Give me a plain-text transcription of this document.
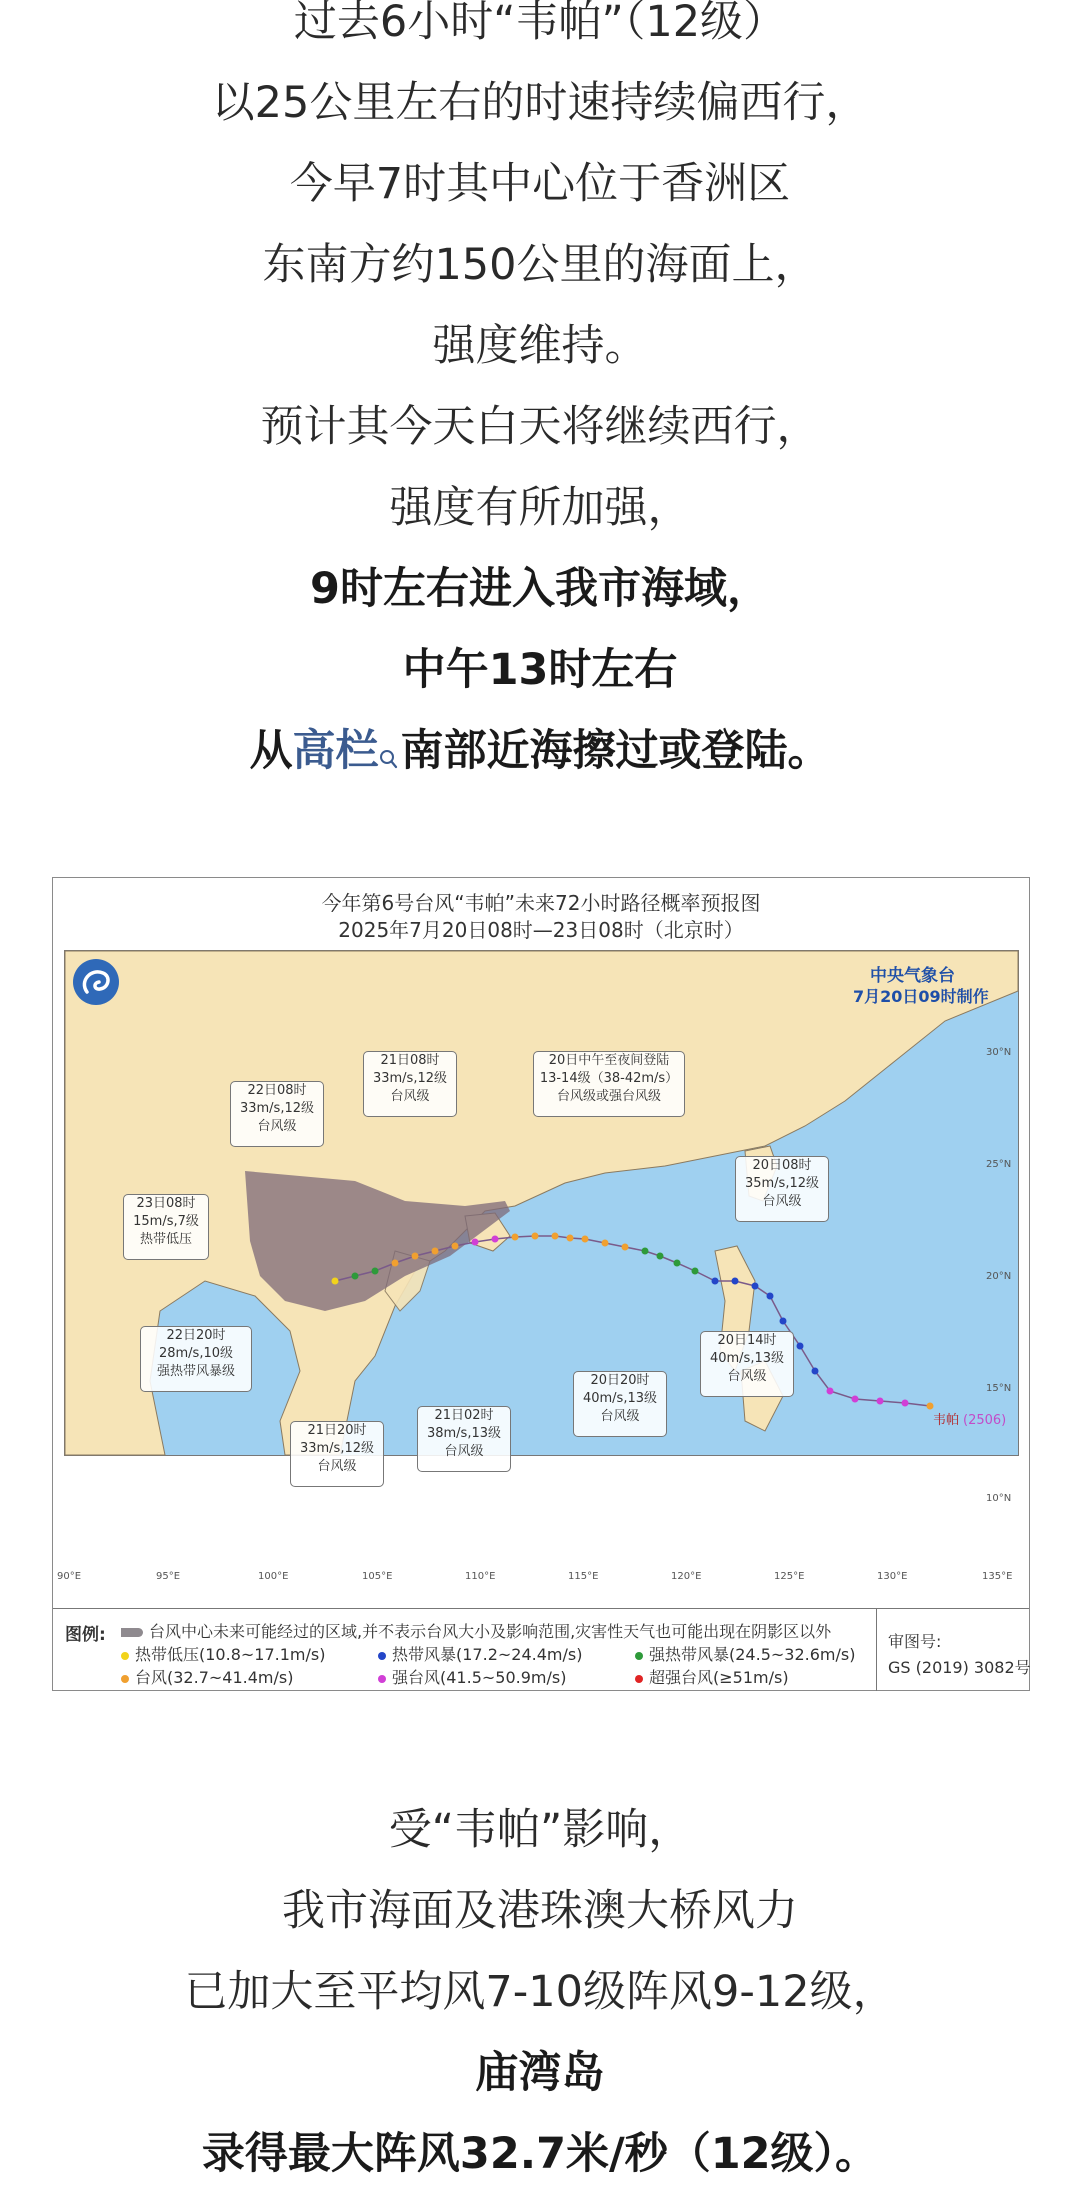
过去6小时“韦帕”（12级）
以25公里左右的时速持续偏西行，
今早7时其中心位于香洲区
东南方约150公里的海面上，
强度维持。
预计其今天白天将继续西行，
强度有所加强，
9时左右进入我市海域，
中午13时左右
从高栏 南部近海擦过或登陆。
今年第6号台风“韦帕”未来72小时路径概率预报图
2025年7月20日08时—23日08时（北京时）
中央气象台
7月20日09时制作
韦帕 (2506)
22日08时
33m/s,12级
台风级
21日08时
33m/s,12级
台风级
20日中午至夜间登陆
13-14级（38-42m/s）
台风级或强台风级
20日08时
35m/s,12级
台风级
23日08时
15m/s,7级
热带低压
22日20时
28m/s,10级
强热带风暴级
21日20时
33m/s,12级
台风级
21日02时
38m/s,13级
台风级
20日20时
40m/s,13级
台风级
20日14时
40m/s,13级
台风级
90°E	95°E	100°E	105°E	110°E	115°E	120°E	125°E	130°E	135°E
30°N
25°N
20°N
15°N
10°N
图例:	台风中心未来可能经过的区域,并不表示台风大小及影响范围,灾害性天气也可能出现在阴影区以外
热带低压(10.8~17.1m/s)	热带风暴(17.2~24.4m/s)	强热带风暴(24.5~32.6m/s)
台风(32.7~41.4m/s)	强台风(41.5~50.9m/s)	超强台风(≥51m/s)
审图号:
GS (2019) 3082号
受“韦帕”影响，
我市海面及港珠澳大桥风力
已加大至平均风7-10级阵风9-12级，
庙湾岛
录得最大阵风32.7米/秒（12级）。
